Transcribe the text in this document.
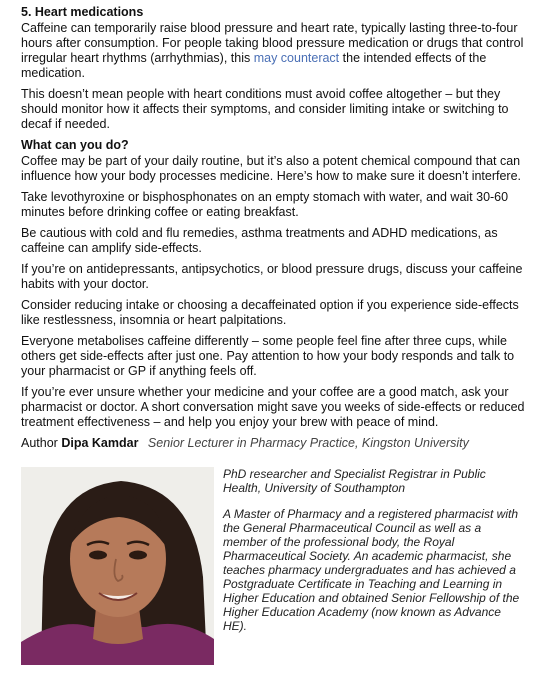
5. Heart medications

Caffeine can temporarily raise blood pressure and heart rate, typically lasting three-to-four hours after consumption. For people taking blood pressure medication or drugs that control irregular heart rhythms (arrhythmias), this may counteract the intended effects of the medication.

This doesn’t mean people with heart conditions must avoid coffee altogether – but they should monitor how it affects their symptoms, and consider limiting intake or switching to decaf if needed.

What can you do?

Coffee may be part of your daily routine, but it’s also a potent chemical compound that can influence how your body processes medicine. Here’s how to make sure it doesn’t interfere.

Take levothyroxine or bisphosphonates on an empty stomach with water, and wait 30-60 minutes before drinking coffee or eating breakfast.

Be cautious with cold and flu remedies, asthma treatments and ADHD medications, as caffeine can amplify side-effects.

If you’re on antidepressants, antipsychotics, or blood pressure drugs, discuss your caffeine habits with your doctor.

Consider reducing intake or choosing a decaffeinated option if you experience side-effects like restlessness, insomnia or heart palpitations.

Everyone metabolises caffeine differently – some people feel fine after three cups, while others get side-effects after just one. Pay attention to how your body responds and talk to your pharmacist or GP if anything feels off.

If you’re ever unsure whether your medicine and your coffee are a good match, ask your pharmacist or doctor. A short conversation might save you weeks of side-effects or reduced treatment effectiveness – and help you enjoy your brew with peace of mind.

Author Dipa Kamdar Senior Lecturer in Pharmacy Practice, Kingston University

PhD researcher and Specialist Registrar in Public Health, University of Southampton

A Master of Pharmacy and a registered pharmacist with the General Pharmaceutical Council as well as a member of the professional body, the Royal Pharmaceutical Society. An academic pharmacist, she teaches pharmacy undergraduates and has achieved a Postgraduate Certificate in Teaching and Learning in Higher Education and obtained Senior Fellowship of the Higher Education Academy (now known as Advance HE).
